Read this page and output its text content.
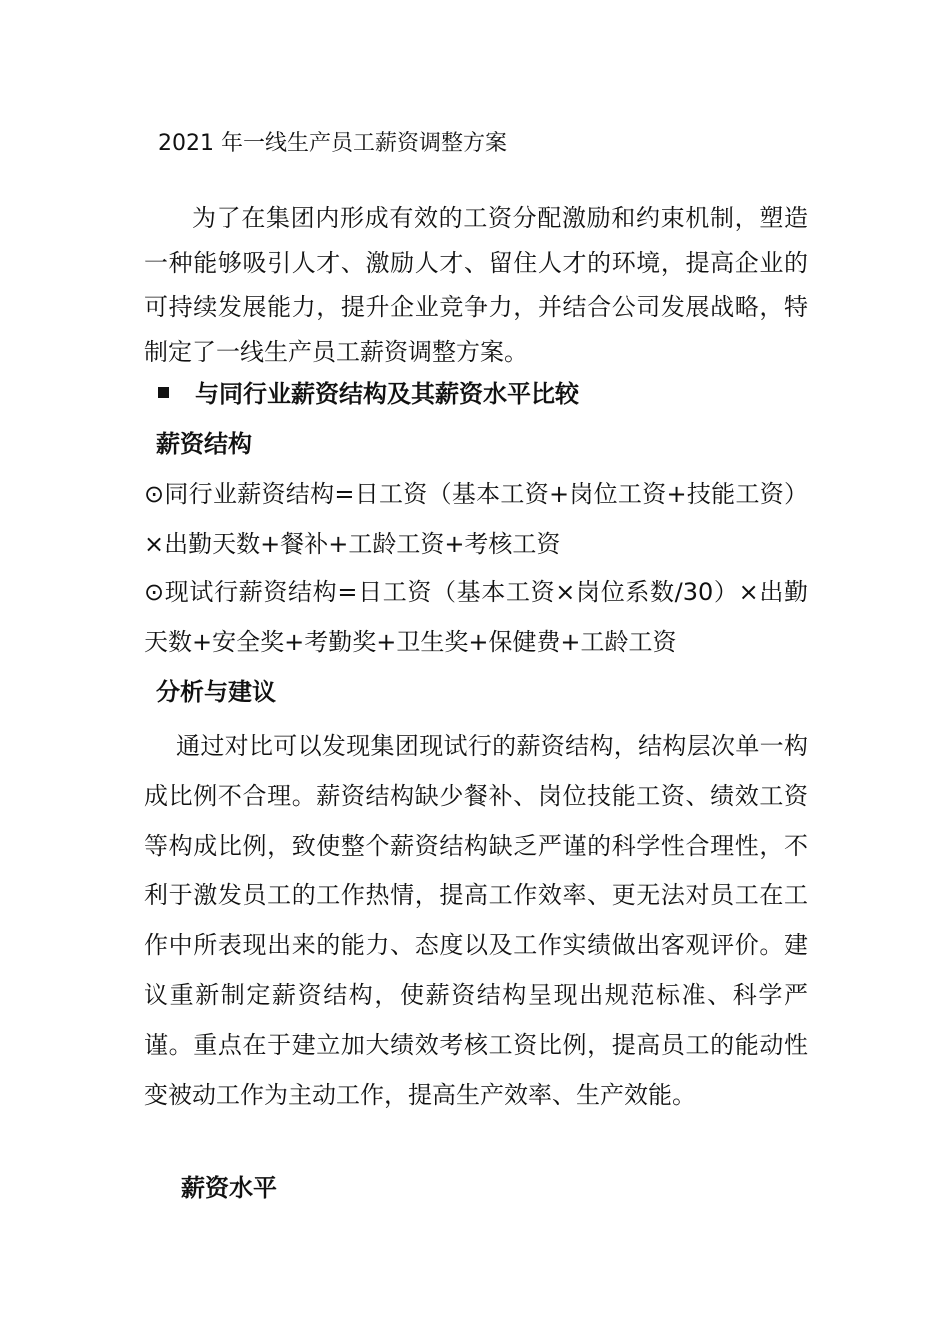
2021 年一线生产员工薪资调整方案

为了在集团内形成有效的工资分配激励和约束机制，塑造一种能够吸引人才、激励人才、留住人才的环境，提高企业的可持续发展能力，提升企业竞争力，并结合公司发展战略，特制定了一线生产员工薪资调整方案。

与同行业薪资结构及其薪资水平比较
薪资结构

⊙同行业薪资结构=日工资（基本工资+岗位工资+技能工资）×出勤天数+餐补+工龄工资+考核工资

⊙现试行薪资结构=日工资（基本工资×岗位系数/30）×出勤天数+安全奖+考勤奖+卫生奖+保健费+工龄工资

分析与建议

通过对比可以发现集团现试行的薪资结构，结构层次单一构成比例不合理。薪资结构缺少餐补、岗位技能工资、绩效工资等构成比例，致使整个薪资结构缺乏严谨的科学性合理性，不利于激发员工的工作热情，提高工作效率、更无法对员工在工作中所表现出来的能力、态度以及工作实绩做出客观评价。建议重新制定薪资结构，使薪资结构呈现出规范标准、科学严谨。重点在于建立加大绩效考核工资比例，提高员工的能动性变被动工作为主动工作，提高生产效率、生产效能。

薪资水平
